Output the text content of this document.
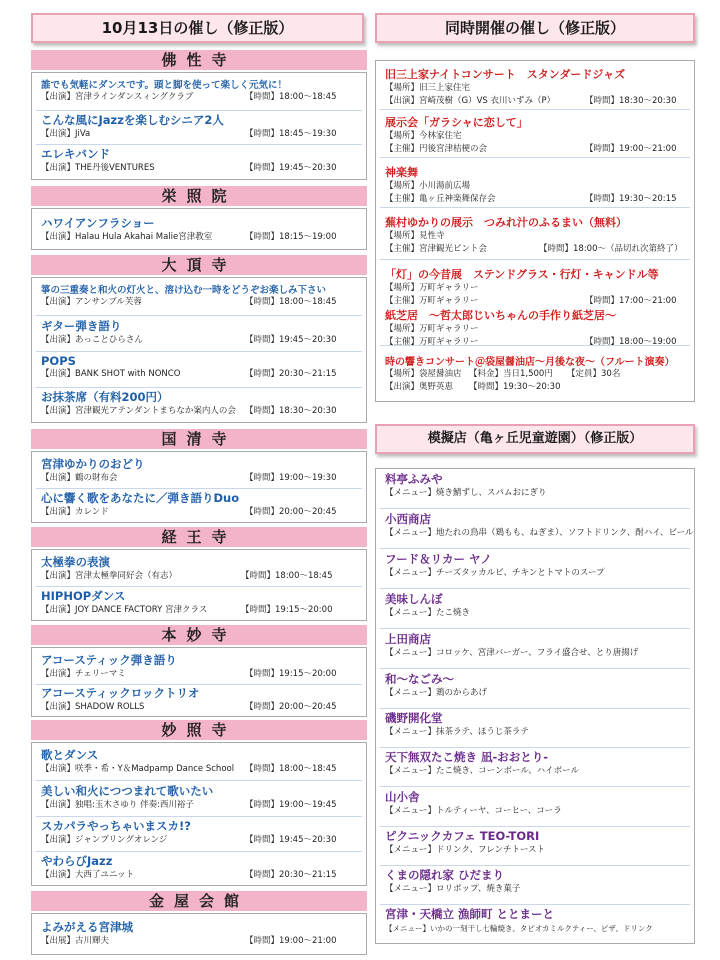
10月13日の催し（修正版）
佛性寺
誰でも気軽にダンスです。頭と脚を使って楽しく元気に！
【出演】宮津ラインダンスィングクラブ	【時間】18:00～18:45
こんな風にJazzを楽しむシニア2人
【出演】JiVa	【時間】18:45～19:30
エレキバンド
【出演】THE丹後VENTURES	【時間】19:45～20:30
栄照院
ハワイアンフラショー
【出演】Halau Hula Akahai Malie宮津教室	【時間】18:15～19:00
大頂寺
箏の三重奏と和火の灯火と、溶け込む一時をどうぞお楽しみ下さい
【出演】アンサンブル芙蓉	【時間】18:00～18:45
ギター弾き語り
【出演】あっことひらさん	【時間】19:45～20:30
POPS
【出演】BANK SHOT with NONCO	【時間】20:30～21:15
お抹茶席（有料200円）
【出演】宮津観光アテンダントまちなか案内人の会 【時間】18:30～20:30
国清寺
宮津ゆかりのおどり
【出演】鶴の財布会	【時間】19:00～19:30
心に響く歌をあなたに／弾き語りDuo
【出演】カレンド	【時間】20:00～20:45
経王寺
太極拳の表演
【出演】宮津太極拳同好会（有志）	【時間】18:00～18:45
HIPHOPダンス
【出演】JOY DANCE FACTORY 宮津クラス	【時間】19:15～20:00
本妙寺
アコースティック弾き語り
【出演】チェリーマミ	【時間】19:15～20:00
アコースティックロックトリオ
【出演】SHADOW ROLLS	【時間】20:00～20:45
妙照寺
歌とダンス
【出演】咲季・希・Y＆Madpamp Dance School 【時間】18:00～18:45
美しい和火につつまれて歌いたい
【出演】独唱:玉木さゆり 伴奏:西川裕子	【時間】19:00～19:45
スカパラやっちゃいまスカ!?
【出演】ジャンプリングオレンジ	【時間】19:45～20:30
やわらびJazz
【出演】大西了ユニット	【時間】20:30～21:15
金屋会館
よみがえる宮津城
【出展】古川輝夫	【時間】19:00～21:00
同時開催の催し（修正版）
旧三上家ナイトコンサート　スタンダードジャズ
【場所】旧三上家住宅
【出演】宮崎茂樹（G）VS 衣川いずみ（P）	【時間】18:30～20:30
展示会「ガラシャに恋して」
【場所】今林家住宅
【主催】円後宮津桔梗の会	【時間】19:00～21:00
神楽舞
【場所】小川湯前広場
【主催】亀ヶ丘神楽舞保存会	【時間】19:30～20:15
蕪村ゆかりの展示　つみれ汁のふるまい（無料）
【場所】見性寺
【主催】宮津観光ピント会	【時間】18:00～（品切れ次第終了）
「灯」の今昔展　ステンドグラス・行灯・キャンドル等
【場所】万町ギャラリー
【主催】万町ギャラリー	【時間】17:00～21:00
紙芝居　～哲太郎じいちゃんの手作り紙芝居～
【場所】万町ギャラリー
【主催】万町ギャラリー	【時間】18:00～19:00
時の響きコンサート＠袋屋醤油店～月後な夜～（フルート演奏）
【場所】袋屋醤油店 【料金】当日1,500円 【定員】30名
【出演】奥野英恵 【時間】19:30～20:30
模擬店（亀ヶ丘児童遊園）（修正版）
料亭ふみや
【メニュー】焼き鯖ずし、スパムおにぎり
小西商店
【メニュー】地たれの鳥串（鶏もも、ねぎま）、ソフトドリンク、酎ハイ、ビール
フード＆リカー ヤノ
【メニュー】チーズタッカルビ、チキンとトマトのスープ
美味しんぼ
【メニュー】たこ焼き
上田商店
【メニュー】コロッケ、宮津バーガー、フライ盛合せ、とり唐揚げ
和～なごみ～
【メニュー】鶏のからあげ
磯野開化堂
【メニュー】抹茶ラテ、ほうじ茶ラテ
天下無双たこ焼き 凪-おおとり-
【メニュー】たこ焼き、コーンボール、ハイボール
山小舎
【メニュー】トルティーヤ、コーヒー、コーラ
ピクニックカフェ TEO-TORI
【メニュー】ドリンク、フレンチトースト
くまの隠れ家 ひだまり
【メニュー】ロリポップ、焼き菓子
宮津・天橋立 漁師町 ととまーと
【メニュー】いかの一刻干し七輪焼き、タピオカミルクティー、ピザ、ドリンク
